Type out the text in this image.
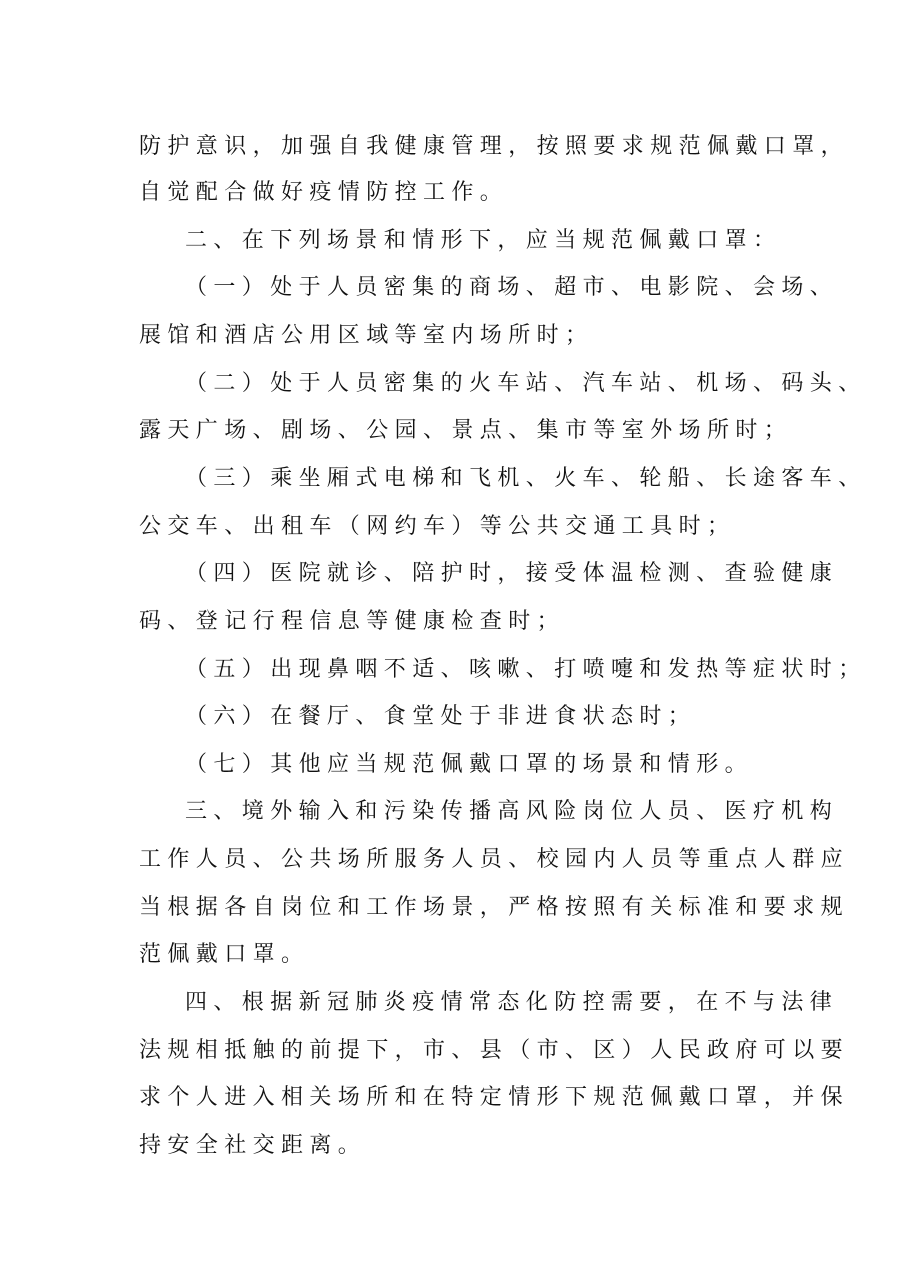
防护意识，加强自我健康管理，按照要求规范佩戴口罩，
自觉配合做好疫情防控工作。
二、在下列场景和情形下，应当规范佩戴口罩：
（一）处于人员密集的商场、超市、电影院、会场、
展馆和酒店公用区域等室内场所时；
（二）处于人员密集的火车站、汽车站、机场、码头、
露天广场、剧场、公园、景点、集市等室外场所时；
（三）乘坐厢式电梯和飞机、火车、轮船、长途客车、
公交车、出租车（网约车）等公共交通工具时；
（四）医院就诊、陪护时，接受体温检测、查验健康
码、登记行程信息等健康检查时；
（五）出现鼻咽不适、咳嗽、打喷嚏和发热等症状时；
（六）在餐厅、食堂处于非进食状态时；
（七）其他应当规范佩戴口罩的场景和情形。
三、境外输入和污染传播高风险岗位人员、医疗机构
工作人员、公共场所服务人员、校园内人员等重点人群应
当根据各自岗位和工作场景，严格按照有关标准和要求规
范佩戴口罩。
四、根据新冠肺炎疫情常态化防控需要，在不与法律
法规相抵触的前提下，市、县（市、区）人民政府可以要
求个人进入相关场所和在特定情形下规范佩戴口罩，并保
持安全社交距离。
